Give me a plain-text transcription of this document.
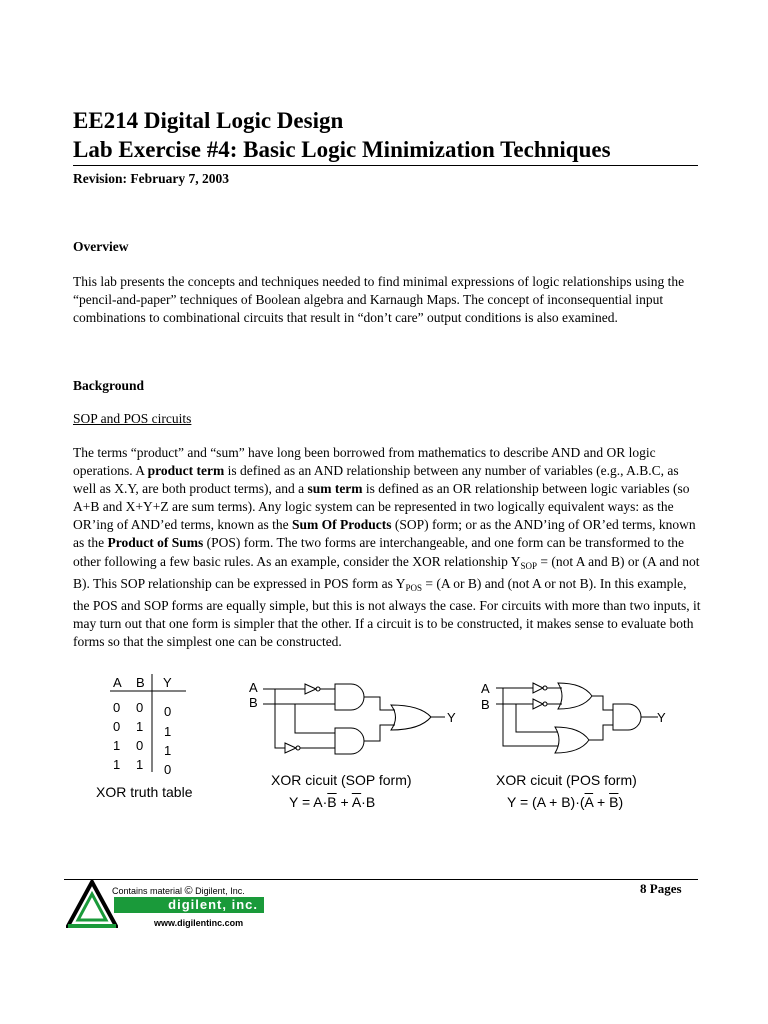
EE214 Digital Logic Design
Lab Exercise #4: Basic Logic Minimization Techniques
Revision: February 7, 2003
Overview
This lab presents the concepts and techniques needed to find minimal expressions of logic relationships using the “pencil-and-paper” techniques of Boolean algebra and Karnaugh Maps. The concept of inconsequential input combinations to combinational circuits that result in “don’t care” output conditions is also examined.
Background
SOP and POS circuits
The terms “product” and “sum” have long been borrowed from mathematics to describe AND and OR logic operations. A product term is defined as an AND relationship between any number of variables (e.g., A.B.C, as well as X.Y, are both product terms), and a sum term is defined as an OR relationship between logic variables (so A+B and X+Y+Z are sum terms). Any logic system can be represented in two logically equivalent ways: as the OR’ing of AND’ed terms, known as the Sum Of Products (SOP) form; or as the AND’ing of OR’ed terms, known as the Product of Sums (POS) form. The two forms are interchangeable, and one form can be transformed to the other following a few basic rules. As an example, consider the XOR relationship $Y_{SOP} = (not$ A and B) or (A and not B). This SOP relationship can be expressed in POS form as $Y_{POS} = (A$ or B) and (not A or not B). In this example, the POS and SOP forms are equally simple, but this is not always the case. For circuits with more than two inputs, it may turn out that one form is simpler that the other. If a circuit is to be constructed, it makes sense to evaluate both forms so that the simplest one can be constructed.
A B Y
0 0 0
0 1 1
1 0 1
1 1 0
XOR truth table
A
B
Y
XOR cicuit (SOP form)
$Y = A\cdot\overline{B} + \overline{A}\cdot B$
A
B
Y
XOR cicuit (POS form)
$Y = (A + B)\cdot(\overline{A} + \overline{B})$
Contains material © Digilent, Inc.
digilent, inc.
www.digilentinc.com
8 Pages
